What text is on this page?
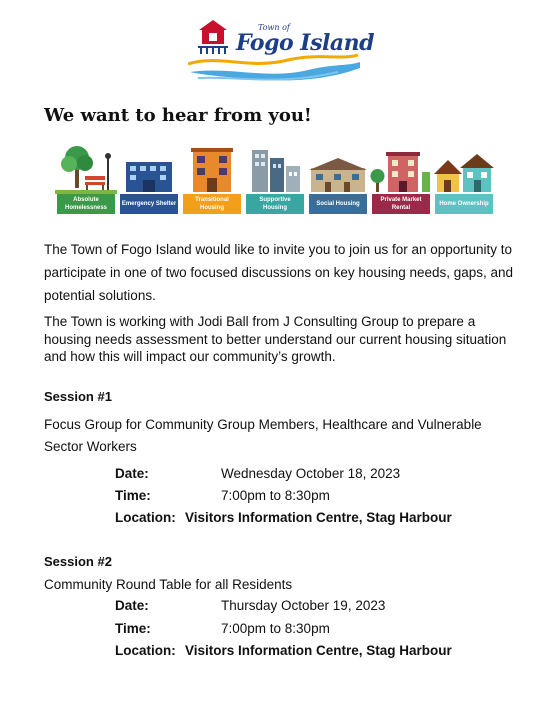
Town of
Fogo Island
We want to hear from you!
Absolute Homelessness
Emergency Shelter
Transitional Housing
Supportive Housing
Social Housing
Private Market Rental
Home Ownership

The Town of Fogo Island would like to invite you to join us for an opportunity to participate in one of two focused discussions on key housing needs, gaps, and potential solutions.

The Town is working with Jodi Ball from J Consulting Group to prepare a housing needs assessment to better understand our current housing situation and how this will impact our community’s growth.

Session #1

Focus Group for Community Group Members, Healthcare and Vulnerable Sector Workers

Date:	Wednesday October 18, 2023
Time:	7:00pm to 8:30pm
Location: Visitors Information Centre, Stag Harbour
Session #2

Community Round Table for all Residents

Date:	Thursday October 19, 2023
Time:	7:00pm to 8:30pm
Location: Visitors Information Centre, Stag Harbour
